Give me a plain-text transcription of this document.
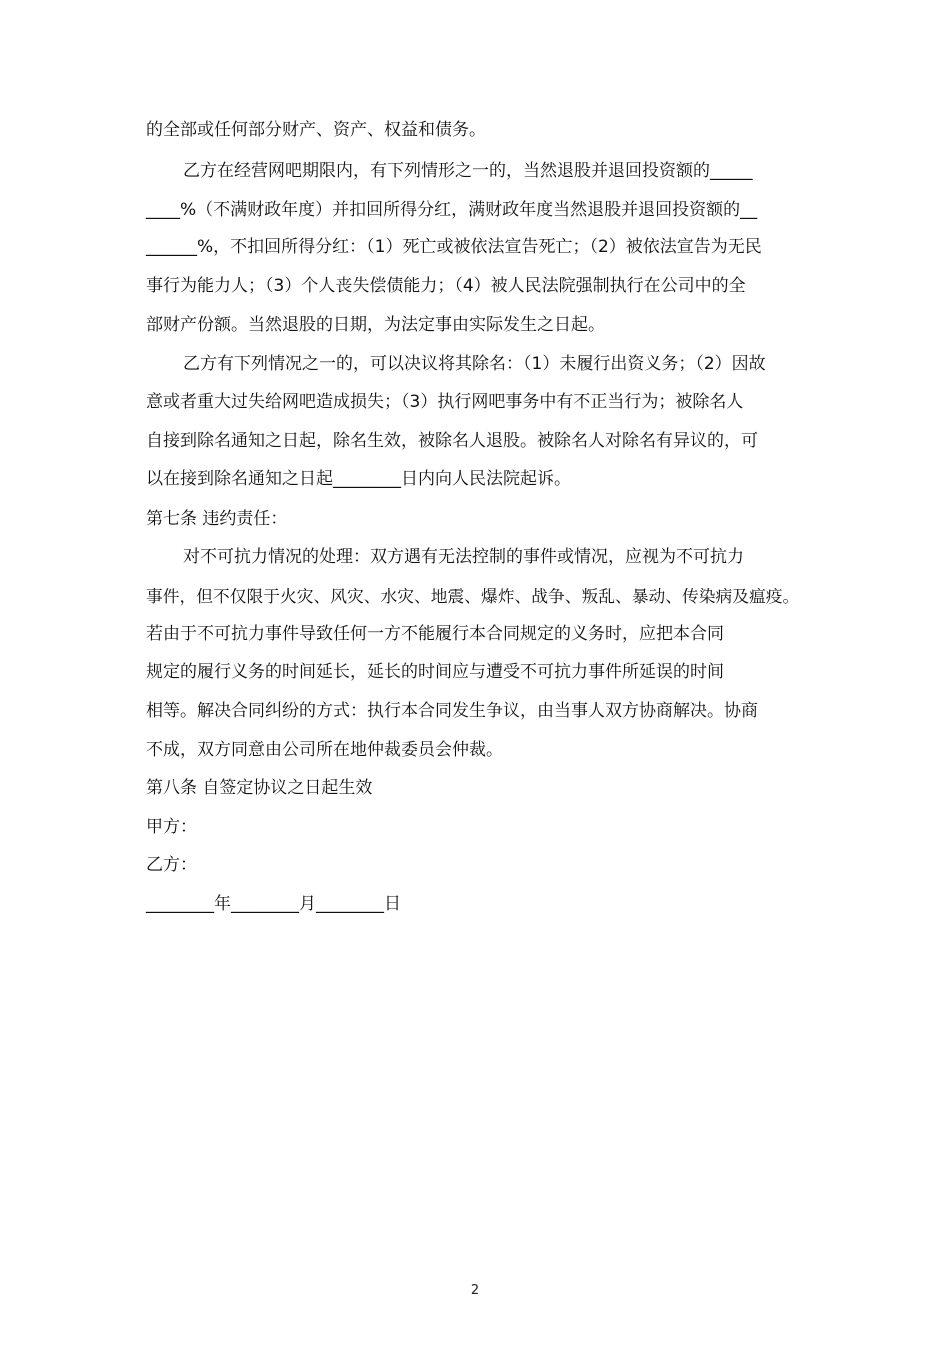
的全部或任何部分财产、资产、权益和债务。
乙方在经营网吧期限内，有下列情形之一的，当然退股并退回投资额的_____
____%（不满财政年度）并扣回所得分红，满财政年度当然退股并退回投资额的__
______%，不扣回所得分红：（1）死亡或被依法宣告死亡；（2）被依法宣告为无民
事行为能力人；（3）个人丧失偿债能力；（4）被人民法院强制执行在公司中的全
部财产份额。当然退股的日期，为法定事由实际发生之日起。
乙方有下列情况之一的，可以决议将其除名：（1）未履行出资义务；（2）因故
意或者重大过失给网吧造成损失；（3）执行网吧事务中有不正当行为；被除名人
自接到除名通知之日起，除名生效，被除名人退股。被除名人对除名有异议的，可
以在接到除名通知之日起________日内向人民法院起诉。
第七条 违约责任：
对不可抗力情况的处理：双方遇有无法控制的事件或情况，应视为不可抗力
事件，但不仅限于火灾、风灾、水灾、地震、爆炸、战争、叛乱、暴动、传染病及瘟疫。
若由于不可抗力事件导致任何一方不能履行本合同规定的义务时，应把本合同
规定的履行义务的时间延长，延长的时间应与遭受不可抗力事件所延误的时间
相等。解决合同纠纷的方式：执行本合同发生争议，由当事人双方协商解决。协商
不成，双方同意由公司所在地仲裁委员会仲裁。
第八条 自签定协议之日起生效
甲方：
乙方：
________年________月________日
2
